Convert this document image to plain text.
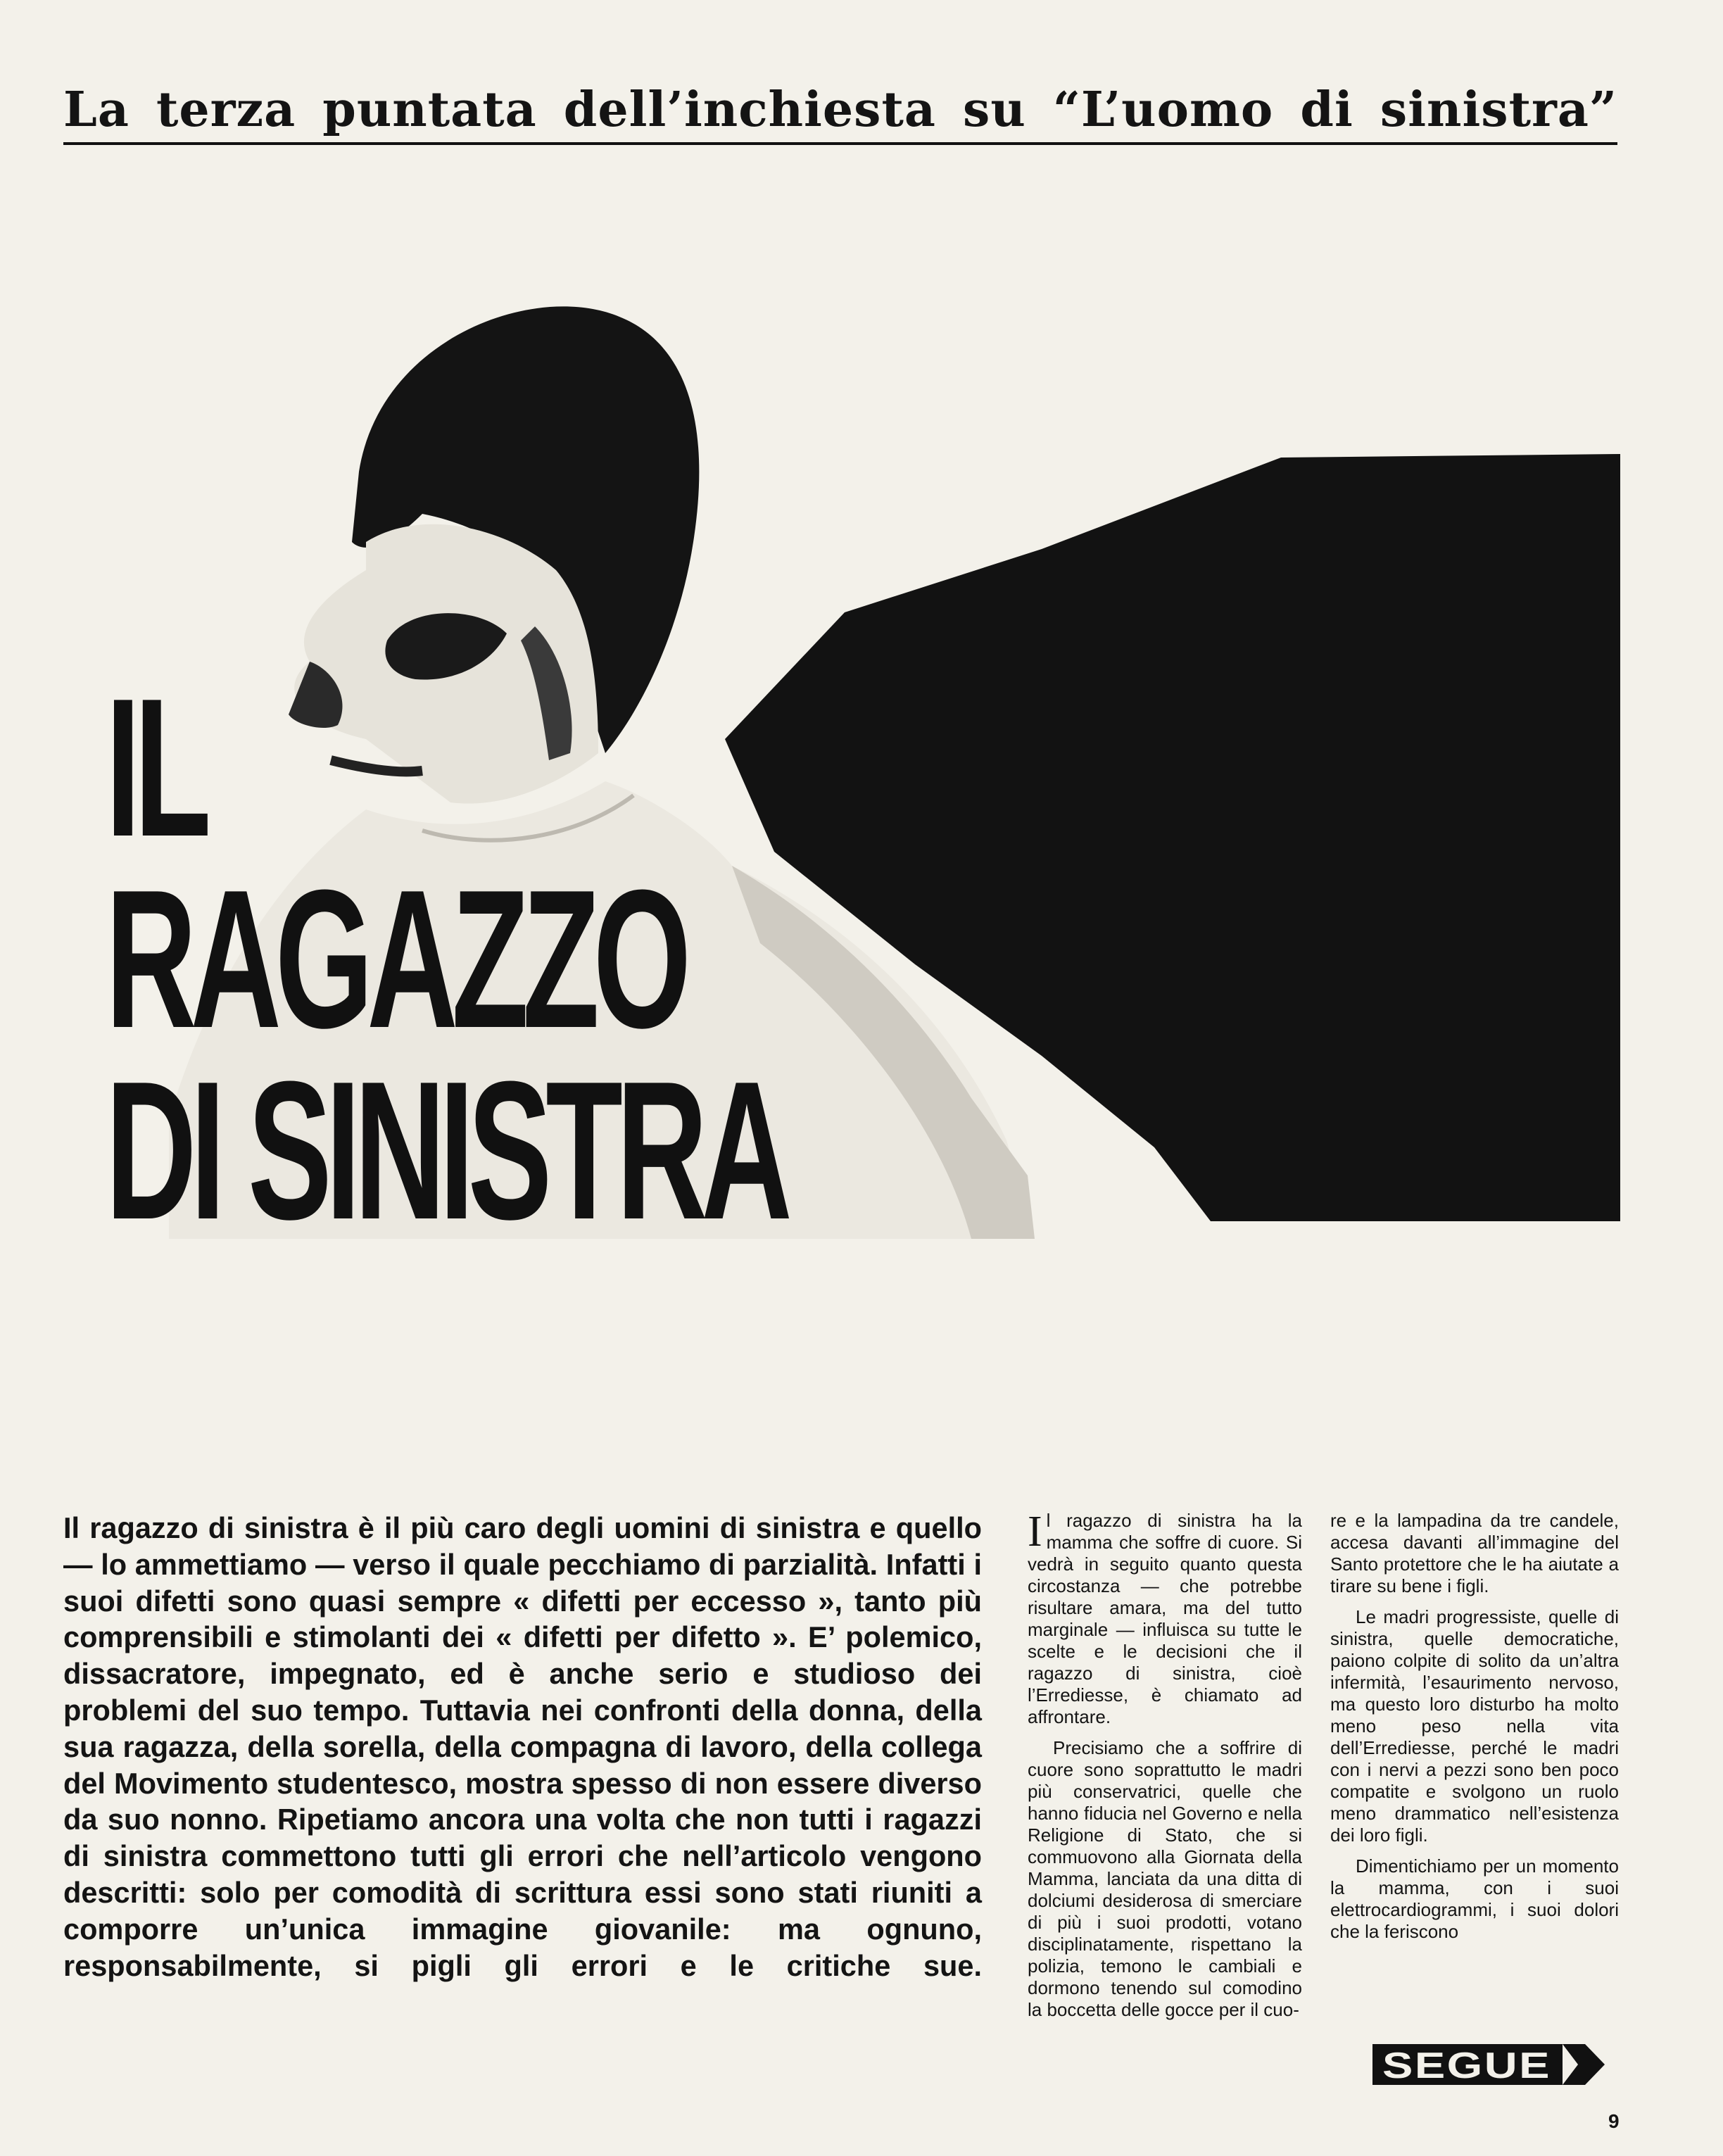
La terza puntata dell’inchiesta su “L’uomo di sinistra”
IL
RAGAZZO
DI SINISTRA
Il ragazzo di sinistra è il più caro degli uomini di sinistra e quello — lo ammettiamo — verso il quale pecchiamo di parzialità. Infatti i suoi difetti sono quasi sempre « difetti per eccesso », tanto più comprensibili e stimolanti dei « difetti per difetto ». E’ polemico, dissacratore, impegnato, ed è anche serio e studioso dei problemi del suo tempo. Tuttavia nei confronti della donna, della sua ragazza, della sorella, della compagna di lavoro, della collega del Movimento studentesco, mostra spesso di non essere diverso da suo nonno. Ripetiamo ancora una volta che non tutti i ragazzi di sinistra commettono tutti gli errori che nell’articolo vengono descritti: solo per comodità di scrittura essi sono stati riuniti a comporre un’unica immagine giovanile: ma ognuno, responsabilmente, si pigli gli errori e le critiche sue.

Il ragazzo di sinistra ha la mamma che soffre di cuore. Si vedrà in seguito quanto questa circostanza — che potrebbe risultare amara, ma del tutto marginale — influisca su tutte le scelte e le decisioni che il ragazzo di sinistra, cioè l’Errediesse, è chiamato ad affrontare.

Precisiamo che a soffrire di cuore sono soprattutto le madri più conservatrici, quelle che hanno fiducia nel Governo e nella Religione di Stato, che si commuovono alla Giornata della Mamma, lanciata da una ditta di dolciumi desiderosa di smerciare di più i suoi prodotti, votano disciplinatamente, rispettano la polizia, temono le cambiali e dormono tenendo sul comodino la boccetta delle gocce per il cuo-

re e la lampadina da tre candele, accesa davanti all’immagine del Santo protettore che le ha aiutate a tirare su bene i figli.

Le madri progressiste, quelle di sinistra, quelle democratiche, paiono colpite di solito da un’altra infermità, l’esaurimento nervoso, ma questo loro disturbo ha molto meno peso nella vita dell’Errediesse, perché le madri con i nervi a pezzi sono ben poco compatite e svolgono un ruolo meno drammatico nell’esistenza dei loro figli.

Dimentichiamo per un momento la mamma, con i suoi elettrocardiogrammi, i suoi dolori che la feriscono

SEGUE
9
